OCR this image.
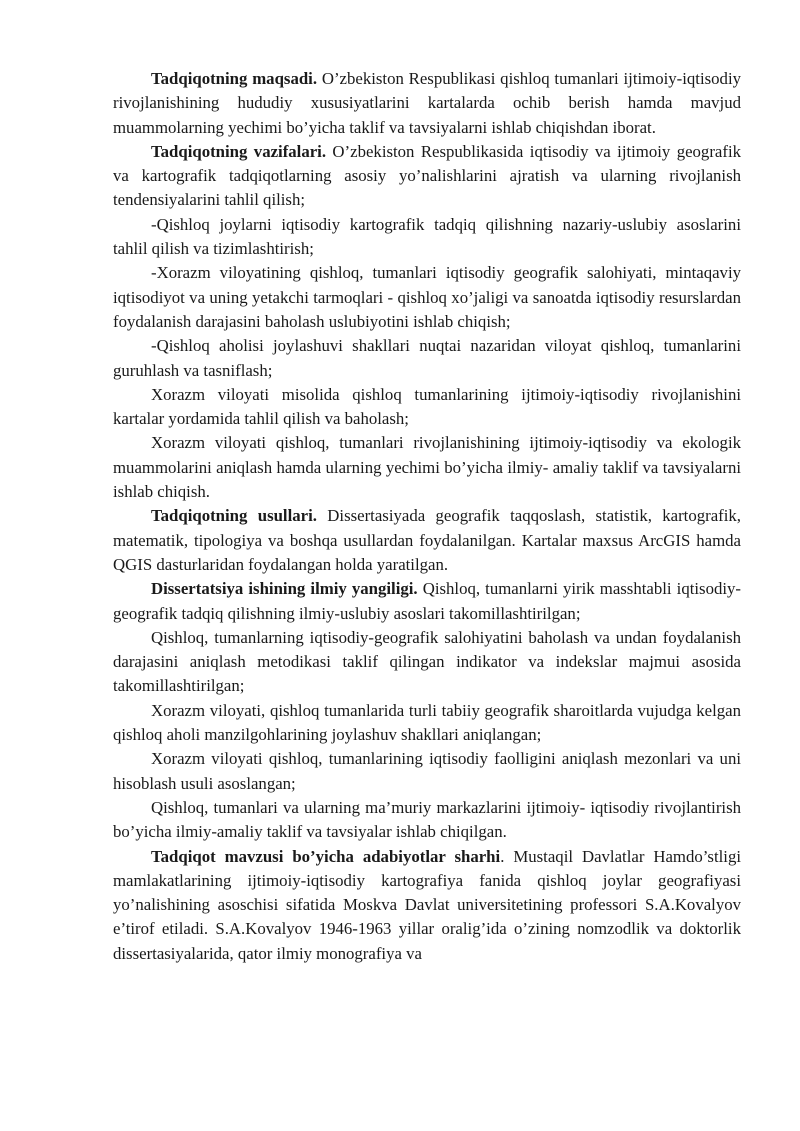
Tadqiqotning maqsadi. O’zbekiston Respublikasi qishloq tumanlari ijtimoiy-iqtisodiy rivojlanishining hududiy xususiyatlarini kartalarda ochib berish hamda mavjud muammolarning yechimi bo’yicha taklif va tavsiyalarni ishlab chiqishdan iborat.

Tadqiqotning vazifalari. O’zbekiston Respublikasida iqtisodiy va ijtimoiy geografik va kartografik tadqiqotlarning asosiy yo’nalishlarini ajratish va ularning rivojlanish tendensiyalarini tahlil qilish;

-Qishloq joylarni iqtisodiy kartografik tadqiq qilishning nazariy-uslubiy asoslarini tahlil qilish va tizimlashtirish;

-Xorazm viloyatining qishloq, tumanlari iqtisodiy geografik salohiyati, mintaqaviy iqtisodiyot va uning yetakchi tarmoqlari - qishloq xo’jaligi va sanoatda iqtisodiy resurslardan foydalanish darajasini baholash uslubiyotini ishlab chiqish;

-Qishloq aholisi joylashuvi shakllari nuqtai nazaridan viloyat qishloq, tumanlarini guruhlash va tasniflash;

Xorazm viloyati misolida qishloq tumanlarining ijtimoiy-iqtisodiy rivojlanishini kartalar yordamida tahlil qilish va baholash;

Xorazm viloyati qishloq, tumanlari rivojlanishining ijtimoiy-iqtisodiy va ekologik muammolarini aniqlash hamda ularning yechimi bo’yicha ilmiy- amaliy taklif va tavsiyalarni ishlab chiqish.

Tadqiqotning usullari. Dissertasiyada geografik taqqoslash, statistik, kartografik, matematik, tipologiya va boshqa usullardan foydalanilgan. Kartalar maxsus ArcGIS hamda QGIS dasturlaridan foydalangan holda yaratilgan.

Dissertatsiya ishining ilmiy yangiligi. Qishloq, tumanlarni yirik masshtabli iqtisodiy-geografik tadqiq qilishning ilmiy-uslubiy asoslari takomillashtirilgan;

Qishloq, tumanlarning iqtisodiy-geografik salohiyatini baholash va undan foydalanish darajasini aniqlash metodikasi taklif qilingan indikator va indekslar majmui asosida takomillashtirilgan;

Xorazm viloyati, qishloq tumanlarida turli tabiiy geografik sharoitlarda vujudga kelgan qishloq aholi manzilgohlarining joylashuv shakllari aniqlangan;

Xorazm viloyati qishloq, tumanlarining iqtisodiy faolligini aniqlash mezonlari va uni hisoblash usuli asoslangan;

Qishloq, tumanlari va ularning ma’muriy markazlarini ijtimoiy- iqtisodiy rivojlantirish bo’yicha ilmiy-amaliy taklif va tavsiyalar ishlab chiqilgan.

Tadqiqot mavzusi bo’yicha adabiyotlar sharhi. Mustaqil Davlatlar Hamdo’stligi mamlakatlarining ijtimoiy-iqtisodiy kartografiya fanida qishloq joylar geografiyasi yo’nalishining asoschisi sifatida Moskva Davlat universitetining professori S.A.Kovalyov e’tirof etiladi. S.A.Kovalyov 1946-1963 yillar oralig’ida o’zining nomzodlik va doktorlik dissertasiyalarida, qator ilmiy monografiya va
